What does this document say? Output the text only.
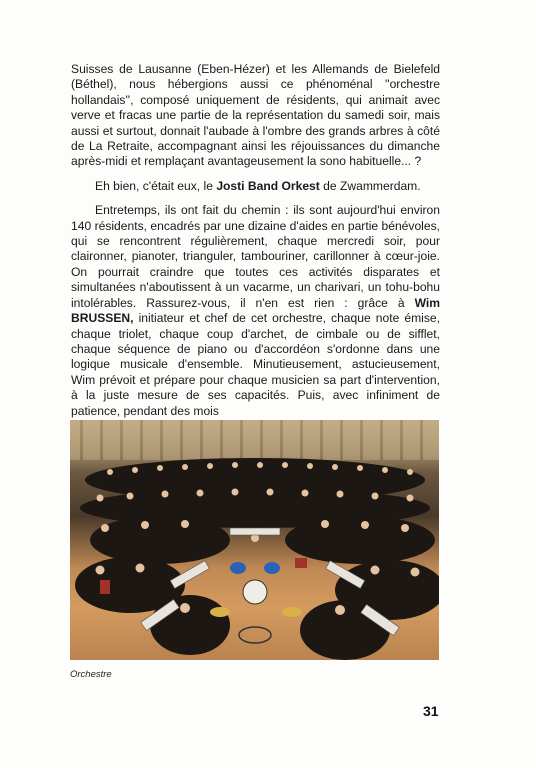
Suisses de Lausanne (Eben-Hézer) et les Allemands de Bielefeld (Béthel), nous hébergions aussi ce phénoménal ''orchestre hollandais'', composé uniquement de résidents, qui animait avec verve et fracas une partie de la représentation du samedi soir, mais aussi et surtout, donnait l'aubade à l'ombre des grands arbres à côté de La Retraite, accompagnant ainsi les réjouissances du dimanche après-midi et remplaçant avantageusement la sono habituelle... ?

Eh bien, c'était eux, le Josti Band Orkest de Zwammerdam.

Entretemps, ils ont fait du chemin : ils sont aujourd'hui environ 140 résidents, encadrés par une dizaine d'aides en partie bénévoles, qui se rencontrent régulièrement, chaque mercredi soir, pour claironner, pianoter, trianguler, tambouriner, carillonner à cœur-joie. On pourrait craindre que toutes ces activités disparates et simultanées n'aboutissent à un vacarme, un charivari, un tohu-bohu intolérables. Rassurez-vous, il n'en est rien : grâce à Wim BRUSSEN, initiateur et chef de cet orchestre, chaque note émise, chaque triolet, chaque coup d'archet, de cimbale ou de sifflet, chaque séquence de piano ou d'accordéon s'ordonne dans une logique musicale d'ensemble. Minutieusement, astucieusement, Wim prévoit et prépare pour chaque musicien sa part d'intervention, à la juste mesure de ses capacités. Puis, avec infiniment de patience, pendant des mois

Orchestre
31
